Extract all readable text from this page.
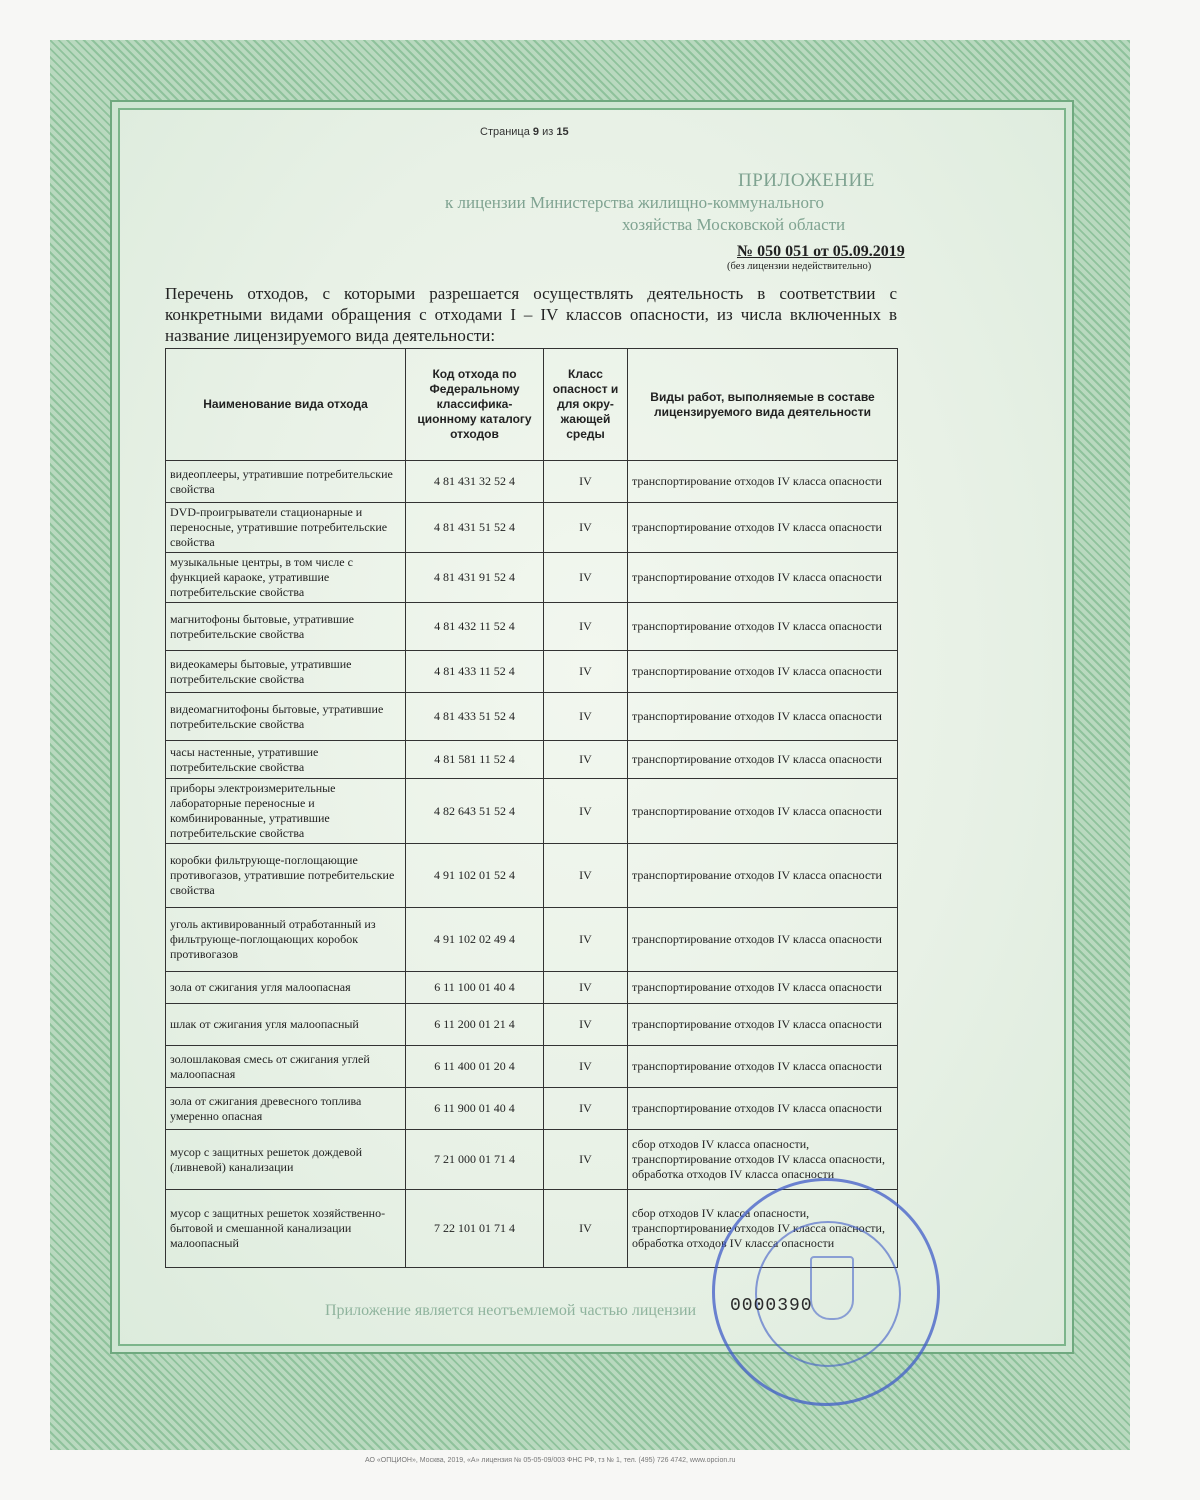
Страница 9 из 15
ПРИЛОЖЕНИЕ
к лицензии Министерства жилищно-коммунального
хозяйства Московской области
№ 050 051 от 05.09.2019
(без лицензии недействительно)
Перечень отходов, с которыми разрешается осуществлять деятельность в соответствии с конкретными видами обращения с отходами I – IV классов опасности, из числа включенных в название лицензируемого вида деятельности:
Наименование вида отхода	Код отхода по Федеральному классифика-ционному каталогу отходов	Класс опасност и для окру-жающей среды	Виды работ, выполняемые в составе лицензируемого вида деятельности
видеоплееры, утратившие потребительские свойства	4 81 431 32 52 4	IV	транспортирование отходов IV класса опасности
DVD-проигрыватели стационарные и переносные, утратившие потребительские свойства	4 81 431 51 52 4	IV	транспортирование отходов IV класса опасности
музыкальные центры, в том числе с функцией караоке, утратившие потребительские свойства	4 81 431 91 52 4	IV	транспортирование отходов IV класса опасности
магнитофоны бытовые, утратившие потребительские свойства	4 81 432 11 52 4	IV	транспортирование отходов IV класса опасности
видеокамеры бытовые, утратившие потребительские свойства	4 81 433 11 52 4	IV	транспортирование отходов IV класса опасности
видеомагнитофоны бытовые, утратившие потребительские свойства	4 81 433 51 52 4	IV	транспортирование отходов IV класса опасности
часы настенные, утратившие потребительские свойства	4 81 581 11 52 4	IV	транспортирование отходов IV класса опасности
приборы электроизмерительные лабораторные переносные и комбинированные, утратившие потребительские свойства	4 82 643 51 52 4	IV	транспортирование отходов IV класса опасности
коробки фильтрующе-поглощающие противогазов, утратившие потребительские свойства	4 91 102 01 52 4	IV	транспортирование отходов IV класса опасности
уголь активированный отработанный из фильтрующе-поглощающих коробок противогазов	4 91 102 02 49 4	IV	транспортирование отходов IV класса опасности
зола от сжигания угля малоопасная	6 11 100 01 40 4	IV	транспортирование отходов IV класса опасности
шлак от сжигания угля малоопасный	6 11 200 01 21 4	IV	транспортирование отходов IV класса опасности
золошлаковая смесь от сжигания углей малоопасная	6 11 400 01 20 4	IV	транспортирование отходов IV класса опасности
зола от сжигания древесного топлива умеренно опасная	6 11 900 01 40 4	IV	транспортирование отходов IV класса опасности
мусор с защитных решеток дождевой (ливневой) канализации	7 21 000 01 71 4	IV	сбор отходов IV класса опасности, транспортирование отходов IV класса опасности, обработка отходов IV класса опасности
мусор с защитных решеток хозяйственно-бытовой и смешанной канализации малоопасный	7 22 101 01 71 4	IV	сбор отходов IV класса опасности, транспортирование отходов IV класса опасности, обработка отходов IV класса опасности
Приложение является неотъемлемой частью лицензии 0000390
АО «ОПЦИОН», Москва, 2019, «А» лицензия № 05-05-09/003 ФНС РФ, тз № 1, тел. (495) 726 4742, www.opcion.ru
